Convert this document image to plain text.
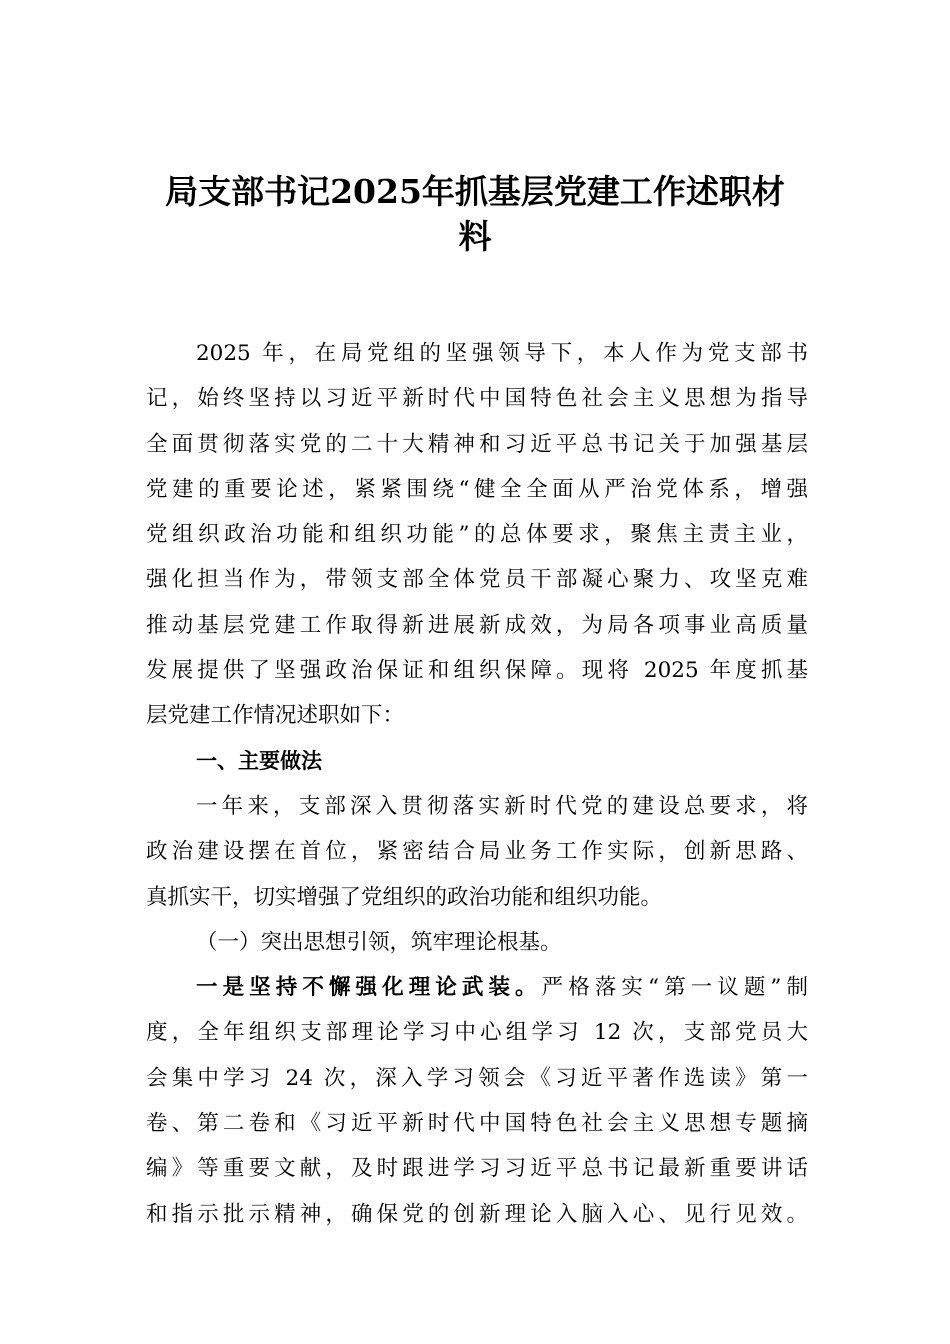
局支部书记2025年抓基层党建工作述职材
料
2025 年，在局党组的坚强领导下，本人作为党支部书
记，始终坚持以习近平新时代中国特色社会主义思想为指导
全面贯彻落实党的二十大精神和习近平总书记关于加强基层
党建的重要论述，紧紧围绕“健全全面从严治党体系，增强
党组织政治功能和组织功能”的总体要求，聚焦主责主业，
强化担当作为，带领支部全体党员干部凝心聚力、攻坚克难
推动基层党建工作取得新进展新成效，为局各项事业高质量
发展提供了坚强政治保证和组织保障。现将 2025 年度抓基
层党建工作情况述职如下：
一、主要做法
一年来，支部深入贯彻落实新时代党的建设总要求，将
政治建设摆在首位，紧密结合局业务工作实际，创新思路、
真抓实干，切实增强了党组织的政治功能和组织功能。
（一）突出思想引领，筑牢理论根基。
一是坚持不懈强化理论武装。严格落实“第一议题”制
度，全年组织支部理论学习中心组学习 12 次，支部党员大
会集中学习 24 次，深入学习领会《习近平著作选读》第一
卷、第二卷和《习近平新时代中国特色社会主义思想专题摘
编》等重要文献，及时跟进学习习近平总书记最新重要讲话
和指示批示精神，确保党的创新理论入脑入心、见行见效。
